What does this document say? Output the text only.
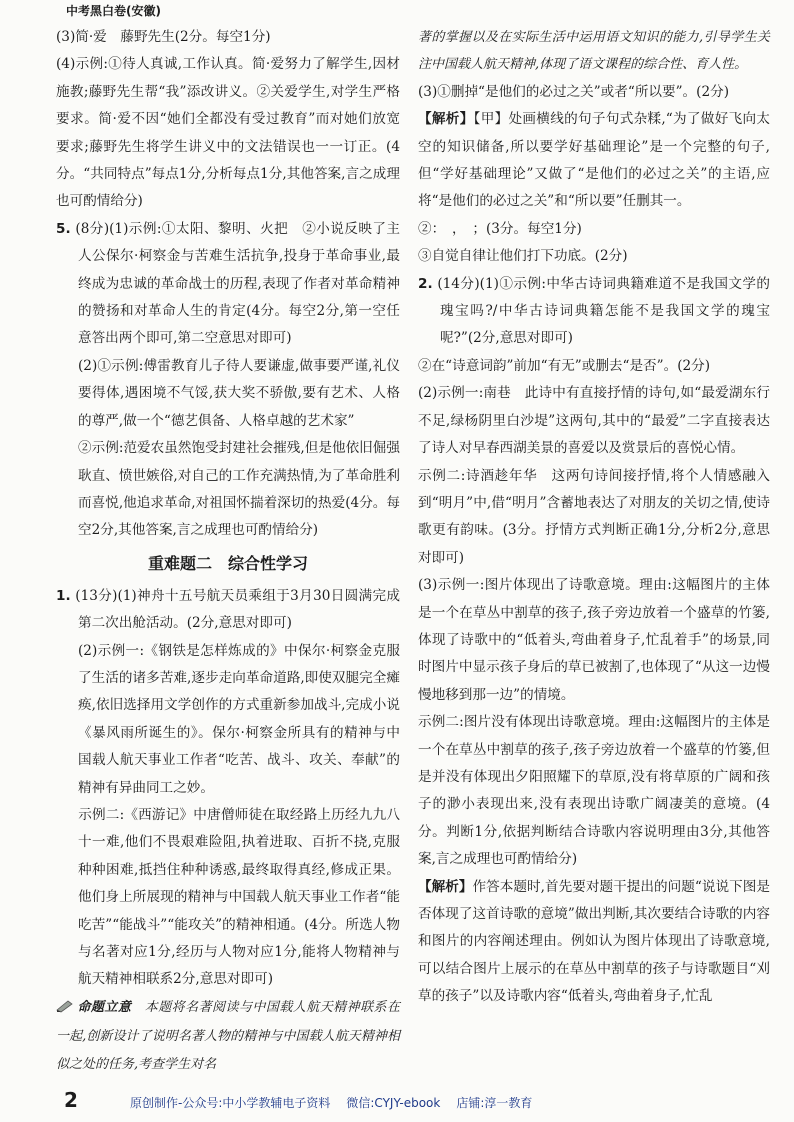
中考黑白卷(安徽)

(3)简·爱　藤野先生(2分。每空1分)

(4)示例:①待人真诚,工作认真。简·爱努力了解学生,因材施教;藤野先生帮“我”添改讲义。②关爱学生,对学生严格要求。简·爱不因“她们全都没有受过教育”而对她们放宽要求;藤野先生将学生讲义中的文法错误也一一订正。(4分。“共同特点”每点1分,分析每点1分,其他答案,言之成理也可酌情给分)

5. (8分)(1)示例:①太阳、黎明、火把　②小说反映了主人公保尔·柯察金与苦难生活抗争,投身于革命事业,最终成为忠诚的革命战士的历程,表现了作者对革命精神的赞扬和对革命人生的肯定(4分。每空2分,第一空任意答出两个即可,第二空意思对即可)

(2)①示例:傅雷教育儿子待人要谦虚,做事要严谨,礼仪要得体,遇困境不气馁,获大奖不骄傲,要有艺术、人格的尊严,做一个“德艺俱备、人格卓越的艺术家”

②示例:范爱农虽然饱受封建社会摧残,但是他依旧倔强耿直、愤世嫉俗,对自己的工作充满热情,为了革命胜利而喜悦,他追求革命,对祖国怀揣着深切的热爱(4分。每空2分,其他答案,言之成理也可酌情给分)

重难题二　综合性学习

1. (13分)(1)神舟十五号航天员乘组于3月30日圆满完成第二次出舱活动。(2分,意思对即可)

(2)示例一:《钢铁是怎样炼成的》中保尔·柯察金克服了生活的诸多苦难,逐步走向革命道路,即使双腿完全瘫痪,依旧选择用文学创作的方式重新参加战斗,完成小说《暴风雨所诞生的》。保尔·柯察金所具有的精神与中国载人航天事业工作者“吃苦、战斗、攻关、奉献”的精神有异曲同工之妙。

示例二:《西游记》中唐僧师徒在取经路上历经九九八十一难,他们不畏艰难险阻,执着进取、百折不挠,克服种种困难,抵挡住种种诱惑,最终取得真经,修成正果。他们身上所展现的精神与中国载人航天事业工作者“能吃苦”“能战斗”“能攻关”的精神相通。(4分。所选人物与名著对应1分,经历与人物对应1分,能将人物精神与航天精神相联系2分,意思对即可)

命题立意　 本题将名著阅读与中国载人航天精神联系在一起,创新设计了说明名著人物的精神与中国载人航天精神相似之处的任务,考查学生对名

著的掌握以及在实际生活中运用语文知识的能力,引导学生关注中国载人航天精神,体现了语文课程的综合性、育人性。

(3)①删掉“是他们的必过之关”或者“所以要”。(2分)

【解析】【甲】处画横线的句子句式杂糅,“为了做好飞向太空的知识储备,所以要学好基础理论”是一个完整的句子,但“学好基础理论”又做了“是他们的必过之关”的主语,应将“是他们的必过之关”和“所以要”任删其一。

②：　，　；(3分。每空1分)

③自觉自律让他们打下功底。(2分)

2. (14分)(1)①示例:中华古诗词典籍难道不是我国文学的瑰宝吗?/中华古诗词典籍怎能不是我国文学的瑰宝呢?”(2分,意思对即可)

②在“诗意词韵”前加“有无”或删去“是否”。(2分)

(2)示例一:南巷　此诗中有直接抒情的诗句,如“最爱湖东行不足,绿杨阴里白沙堤”这两句,其中的“最爱”二字直接表达了诗人对早春西湖美景的喜爱以及赏景后的喜悦心情。

示例二:诗酒趁年华　这两句诗间接抒情,将个人情感融入到“明月”中,借“明月”含蓄地表达了对朋友的关切之情,使诗歌更有韵味。(3分。抒情方式判断正确1分,分析2分,意思对即可)

(3)示例一:图片体现出了诗歌意境。理由:这幅图片的主体是一个在草丛中割草的孩子,孩子旁边放着一个盛草的竹篓,体现了诗歌中的“低着头,弯曲着身子,忙乱着手”的场景,同时图片中显示孩子身后的草已被割了,也体现了“从这一边慢慢地移到那一边”的情境。

示例二:图片没有体现出诗歌意境。理由:这幅图片的主体是一个在草丛中割草的孩子,孩子旁边放着一个盛草的竹篓,但是并没有体现出夕阳照耀下的草原,没有将草原的广阔和孩子的渺小表现出来,没有表现出诗歌广阔凄美的意境。(4分。判断1分,依据判断结合诗歌内容说明理由3分,其他答案,言之成理也可酌情给分)

【解析】作答本题时,首先要对题干提出的问题“说说下图是否体现了这首诗歌的意境”做出判断,其次要结合诗歌的内容和图片的内容阐述理由。例如认为图片体现出了诗歌意境,可以结合图片上展示的在草丛中割草的孩子与诗歌题目“刈草的孩子”以及诗歌内容“低着头,弯曲着身子,忙乱

2	原创制作-公众号:中小学教辅电子资料 微信:CYJY-ebook 店铺:淳一教育
